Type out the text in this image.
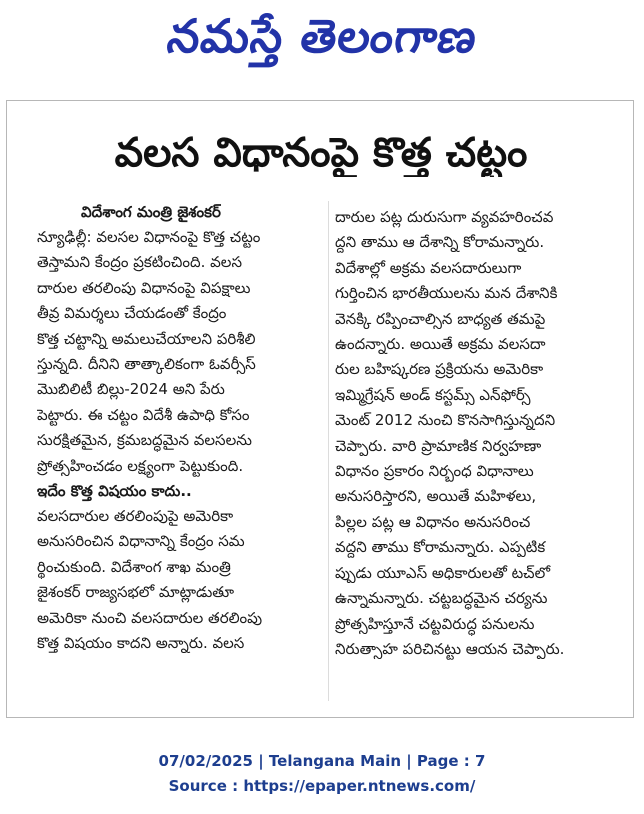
నమస్తే తెలంగాణ
వలస విధానంపై కొత్త చట్టం
విదేశాంగ మంత్రి జైశంకర్
న్యూఢిల్లీ: వలసల విధానంపై కొత్త చట్టం
తెస్తామని కేంద్రం ప్రకటించింది. వలస
దారుల తరలింపు విధానంపై విపక్షాలు
తీవ్ర విమర్శలు చేయడంతో కేంద్రం
కొత్త చట్టాన్ని అమలుచేయాలని పరిశీలి
స్తున్నది. దీనిని తాత్కాలికంగా ఓవర్సీస్
మొబిలిటీ బిల్లు-2024 అని పేరు
పెట్టారు. ఈ చట్టం విదేశీ ఉపాధి కోసం
సురక్షితమైన, క్రమబద్ధమైన వలసలను
ప్రోత్సహించడం లక్ష్యంగా పెట్టుకుంది.
ఇదేం కొత్త విషయం కాదు..
వలసదారుల తరలింపుపై అమెరికా
అనుసరించిన విధానాన్ని కేంద్రం సమ
ర్థించుకుంది. విదేశాంగ శాఖ మంత్రి
జైశంకర్ రాజ్యసభలో మాట్లాడుతూ
అమెరికా నుంచి వలసదారుల తరలింపు
కొత్త విషయం కాదని అన్నారు. వలస
దారుల పట్ల దురుసుగా వ్యవహరించవ
ద్దని తాము ఆ దేశాన్ని కోరామన్నారు.
విదేశాల్లో అక్రమ వలసదారులుగా
గుర్తించిన భారతీయులను మన దేశానికి
వెనక్కి రప్పించాల్సిన బాధ్యత తమపై
ఉందన్నారు. అయితే అక్రమ వలసదా
రుల బహిష్కరణ ప్రక్రియను అమెరికా
ఇమ్మిగ్రేషన్ అండ్ కస్టమ్స్ ఎన్‌ఫోర్స్
మెంట్ 2012 నుంచి కొనసాగిస్తున్నదని
చెప్పారు. వారి ప్రామాణిక నిర్వహణా
విధానం ప్రకారం నిర్బంధ విధానాలు
అనుసరిస్తారని, అయితే మహిళలు,
పిల్లల పట్ల ఆ విధానం అనుసరించ
వద్దని తాము కోరామన్నారు. ఎప్పటిక
ప్పుడు యూఎస్ అధికారులతో టచ్‌లో
ఉన్నామన్నారు. చట్టబద్ధమైన చర్యను
ప్రోత్సహిస్తూనే చట్టవిరుద్ధ పనులను
నిరుత్సాహ పరిచినట్టు ఆయన చెప్పారు.
07/02/2025 | Telangana Main | Page : 7
Source : https://epaper.ntnews.com/
